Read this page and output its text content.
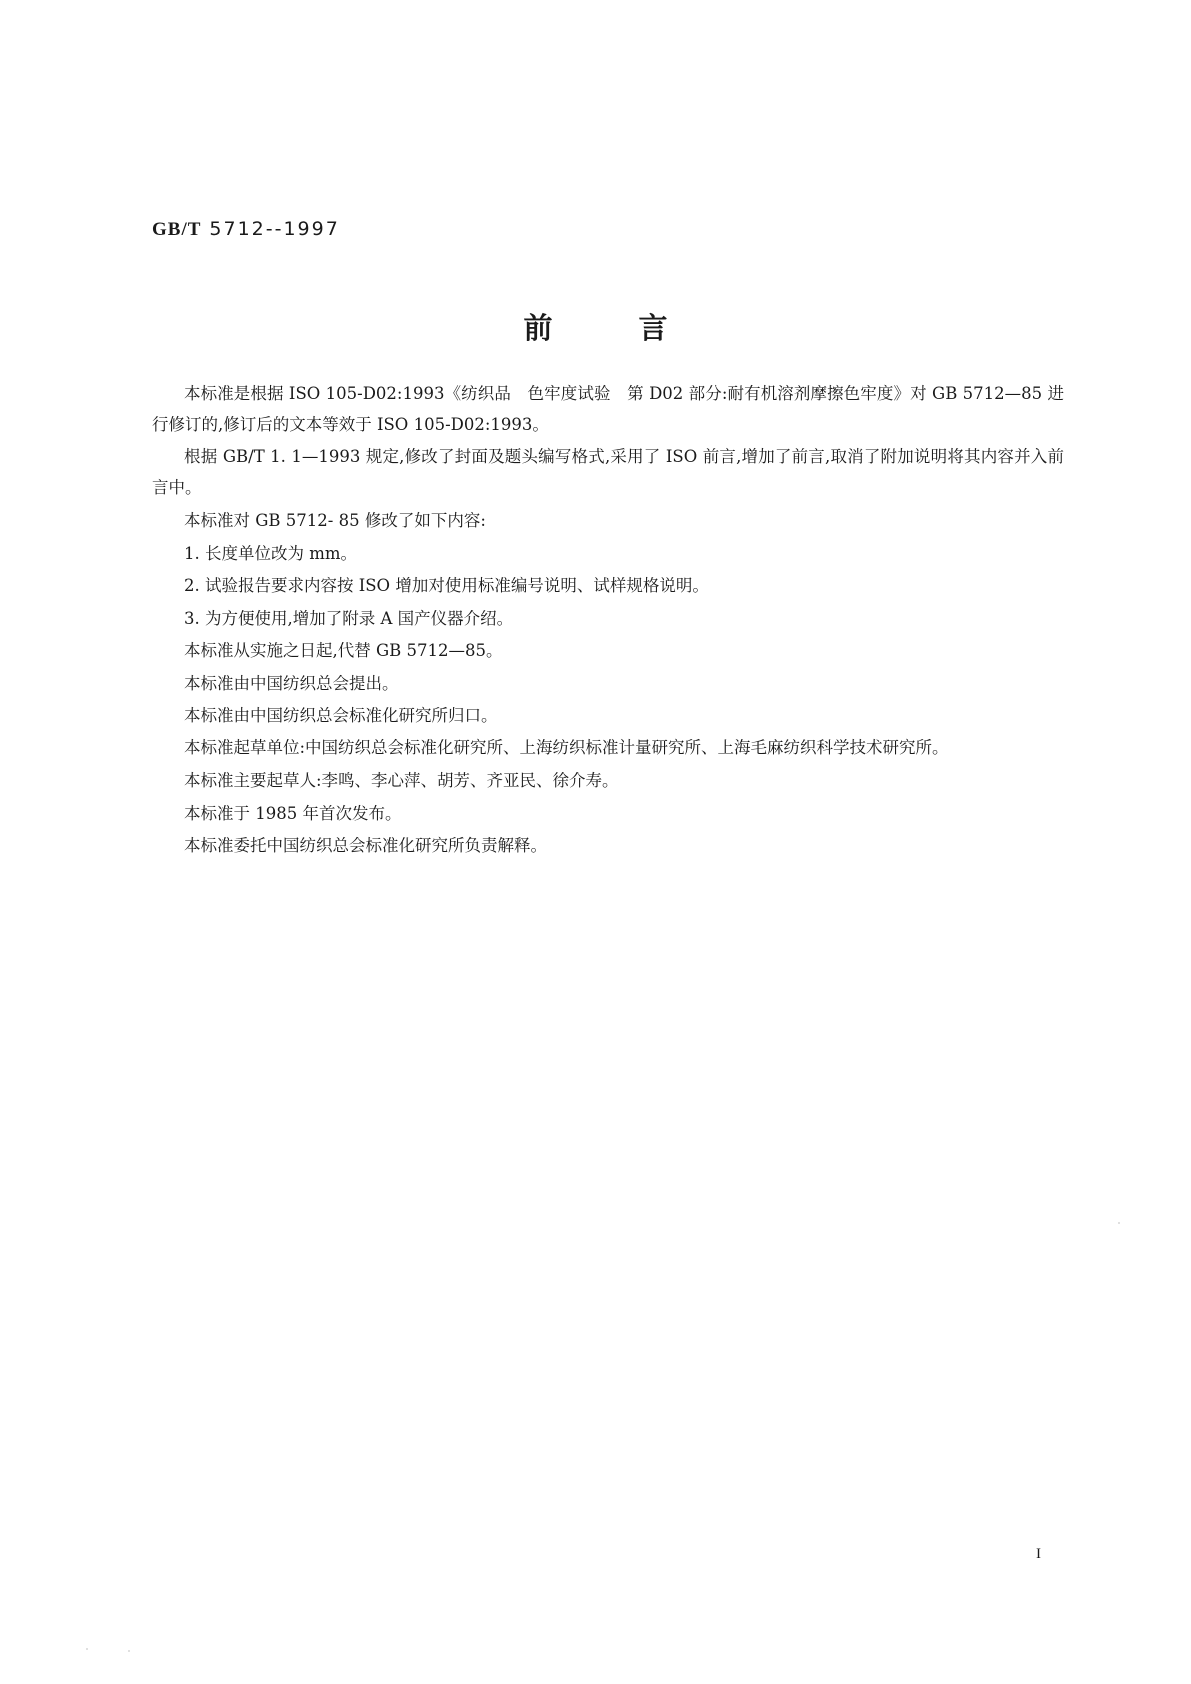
GB/T 5712--1997
前	言

本标准是根据 ISO 105-D02:1993《纺织品　色牢度试验　第 D02 部分:耐有机溶剂摩擦色牢度》对 GB 5712—85 进行修订的,修订后的文本等效于 ISO 105-D02:1993。

根据 GB/T 1. 1—1993 规定,修改了封面及题头编写格式,采用了 ISO 前言,增加了前言,取消了附加说明将其内容并入前言中。

本标准对 GB 5712- 85 修改了如下内容:

1. 长度单位改为 mm。

2. 试验报告要求内容按 ISO 增加对使用标准编号说明、试样规格说明。

3. 为方便使用,增加了附录 A 国产仪器介绍。

本标准从实施之日起,代替 GB 5712—85。

本标准由中国纺织总会提出。

本标准由中国纺织总会标准化研究所归口。

本标准起草单位:中国纺织总会标准化研究所、上海纺织标准计量研究所、上海毛麻纺织科学技术研究所。

本标准主要起草人:李鸣、李心萍、胡芳、齐亚民、徐介寿。

本标准于 1985 年首次发布。

本标准委托中国纺织总会标准化研究所负责解释。

I
